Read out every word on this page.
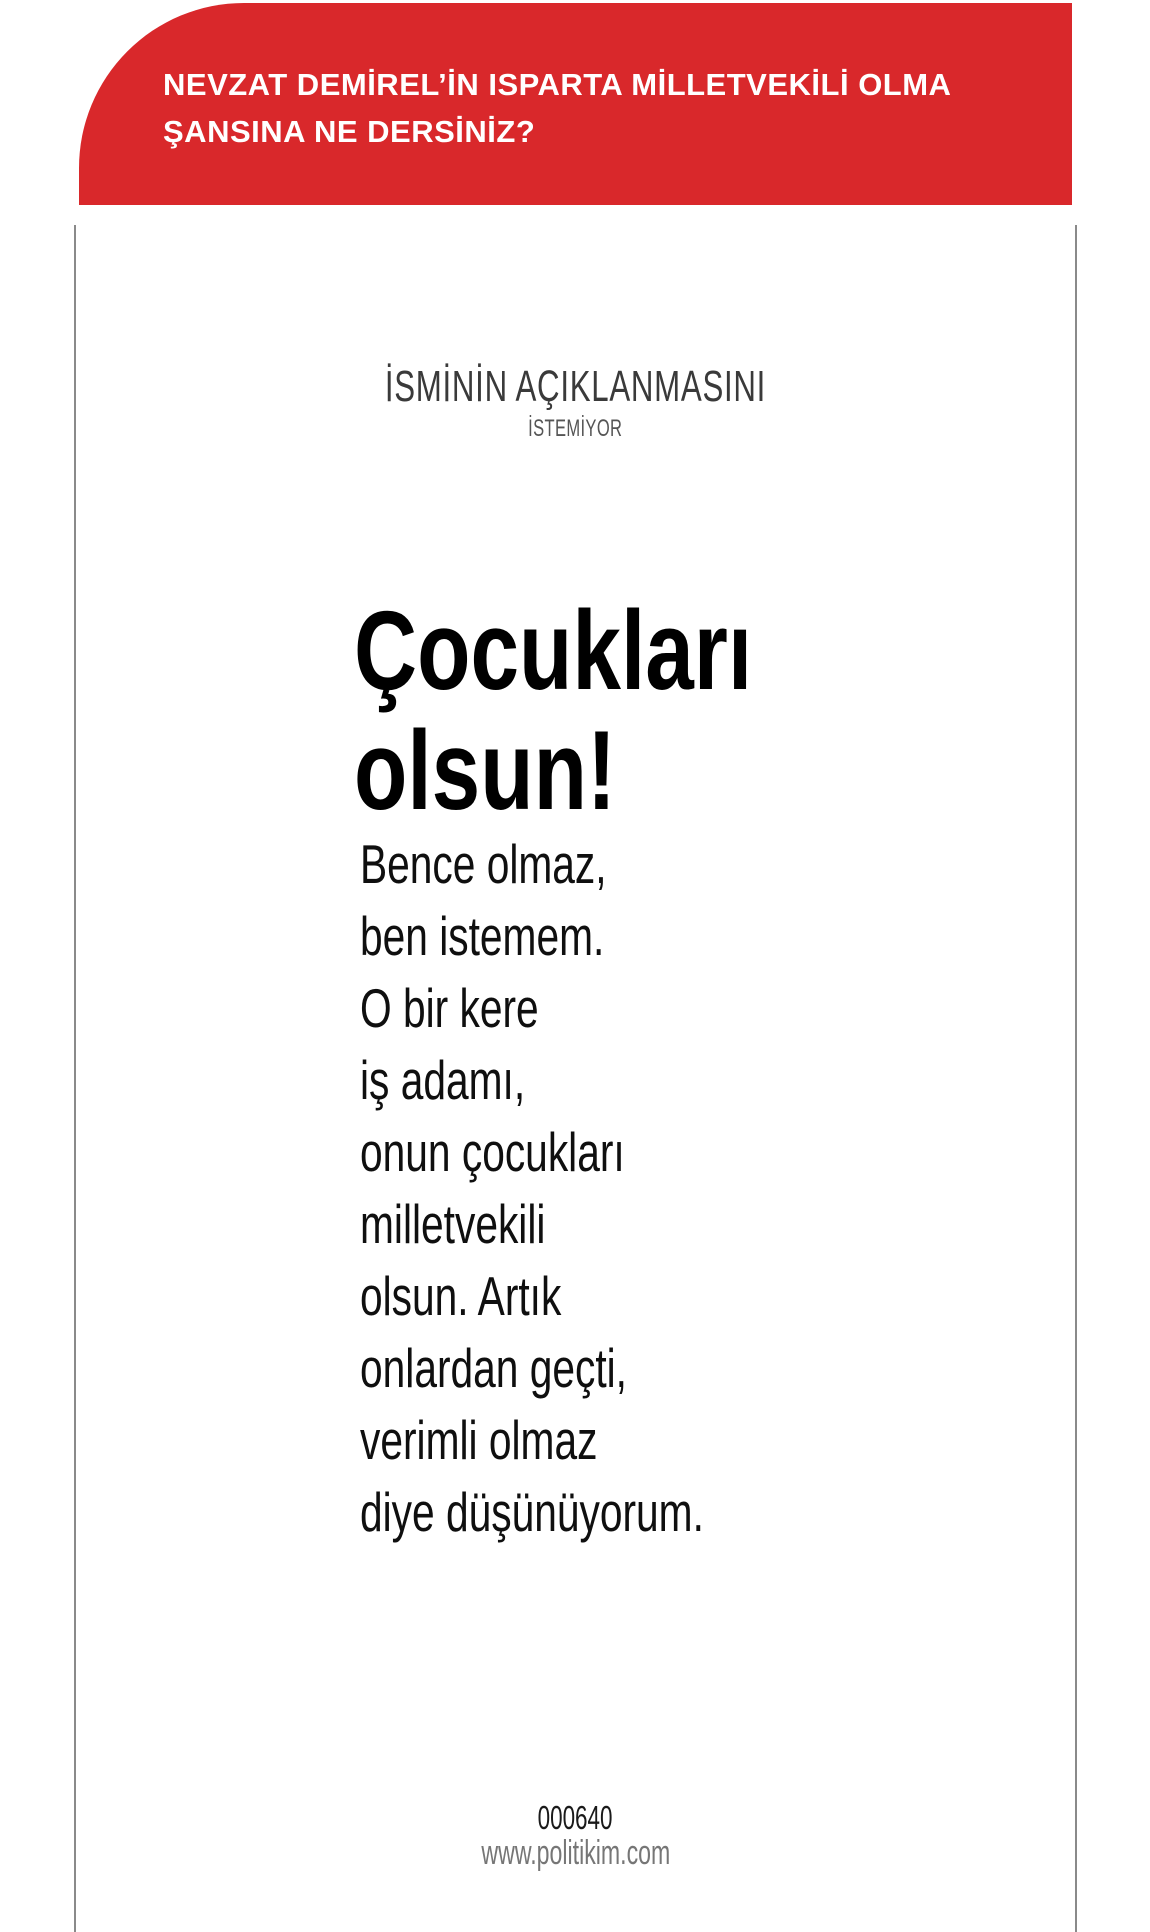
NEVZAT DEMİREL’İN ISPARTA MİLLETVEKİLİ OLMA
ŞANSINA NE DERSİNİZ?
İSMİNİN AÇIKLANMASINI
İSTEMİYOR
Çocukları
olsun!
Bence olmaz,
ben istemem.
O bir kere
iş adamı,
onun çocukları
milletvekili
olsun. Artık
onlardan geçti,
verimli olmaz
diye düşünüyorum.
000640
www.politikim.com
